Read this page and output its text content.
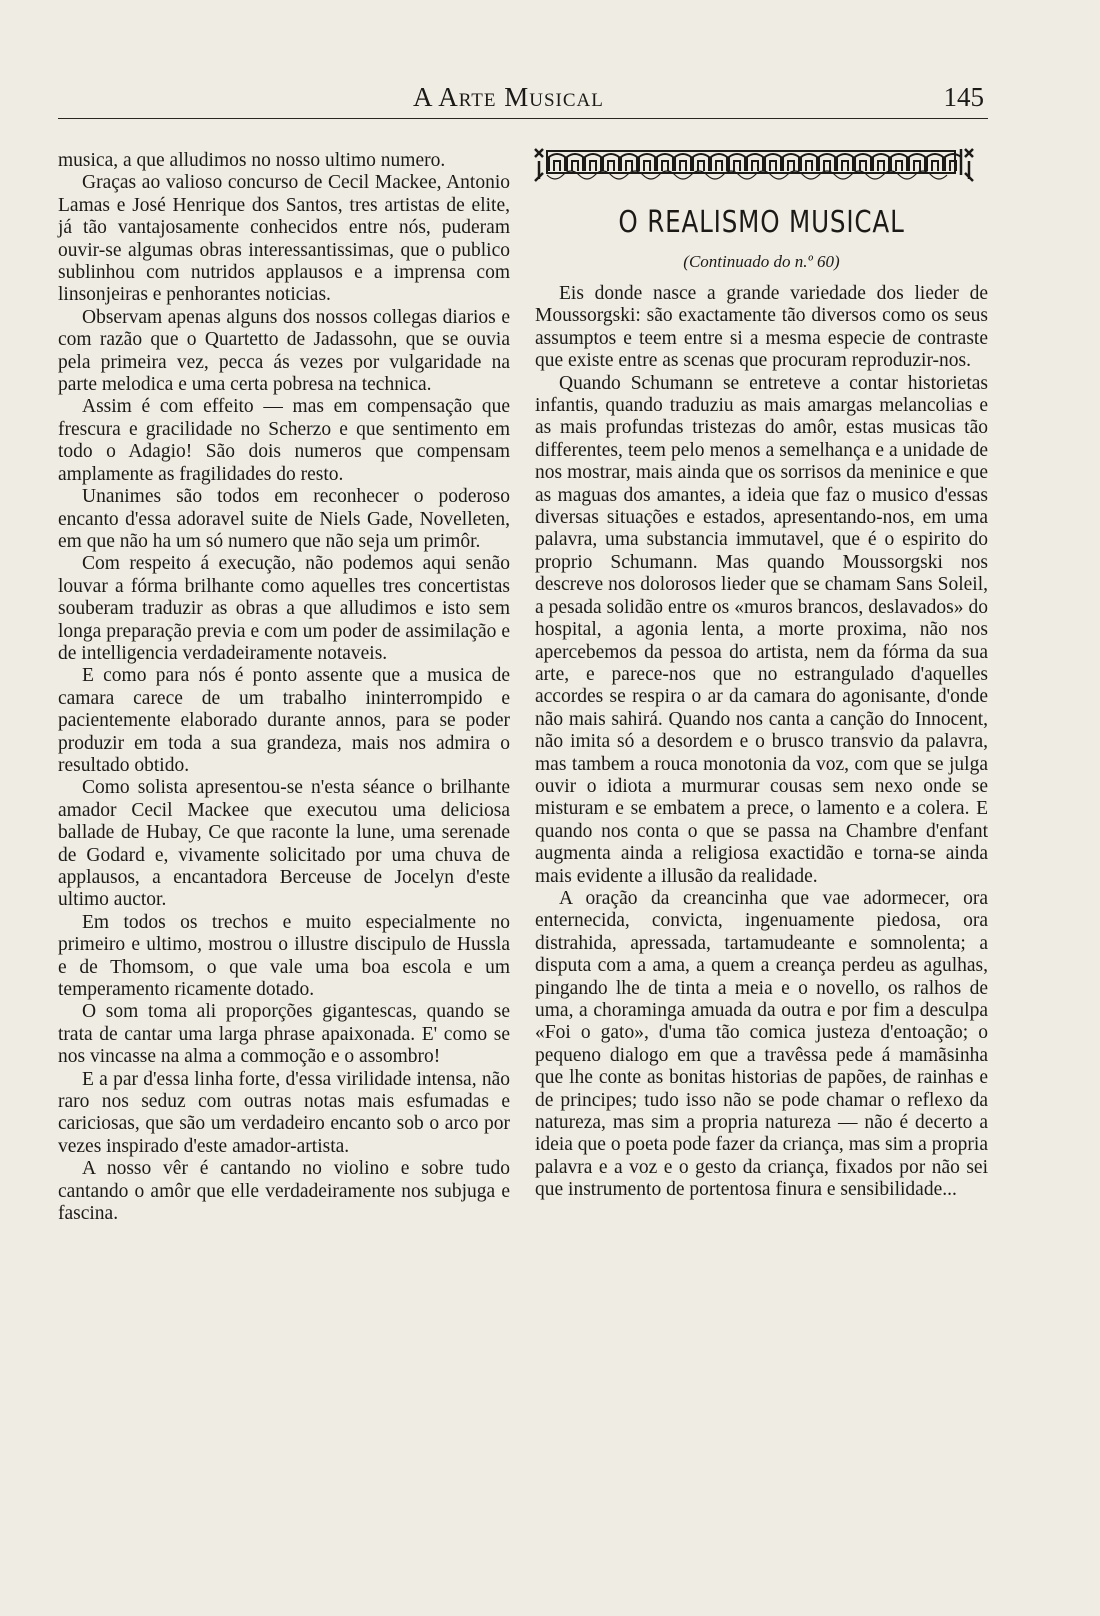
A Arte Musical	145

musica, a que alludimos no nosso ultimo numero.

Graças ao valioso concurso de Cecil Mackee, Antonio Lamas e José Henrique dos Santos, tres artistas de elite, já tão vantajosamente conhecidos entre nós, puderam ouvir-se algumas obras interessantissimas, que o publico sublinhou com nutridos applausos e a imprensa com linsonjeiras e penhorantes noticias.

Observam apenas alguns dos nossos collegas diarios e com razão que o Quartetto de Jadassohn, que se ouvia pela primeira vez, pecca ás vezes por vulgaridade na parte melodica e uma certa pobresa na technica.

Assim é com effeito — mas em compensação que frescura e gracilidade no Scherzo e que sentimento em todo o Adagio! São dois numeros que compensam amplamente as fragilidades do resto.

Unanimes são todos em reconhecer o poderoso encanto d'essa adoravel suite de Niels Gade, Novelleten, em que não ha um só numero que não seja um primôr.

Com respeito á execução, não podemos aqui senão louvar a fórma brilhante como aquelles tres concertistas souberam traduzir as obras a que alludimos e isto sem longa preparação previa e com um poder de assimilação e de intelligencia verdadeiramente notaveis.

E como para nós é ponto assente que a musica de camara carece de um trabalho ininterrompido e pacientemente elaborado durante annos, para se poder produzir em toda a sua grandeza, mais nos admira o resultado obtido.

Como solista apresentou-se n'esta séance o brilhante amador Cecil Mackee que executou uma deliciosa ballade de Hubay, Ce que raconte la lune, uma serenade de Godard e, vivamente solicitado por uma chuva de applausos, a encantadora Berceuse de Jocelyn d'este ultimo auctor.

Em todos os trechos e muito especialmente no primeiro e ultimo, mostrou o illustre discipulo de Hussla e de Thomsom, o que vale uma boa escola e um temperamento ricamente dotado.

O som toma ali proporções gigantescas, quando se trata de cantar uma larga phrase apaixonada. E' como se nos vincasse na alma a commoção e o assombro!

E a par d'essa linha forte, d'essa virilidade intensa, não raro nos seduz com outras notas mais esfumadas e cariciosas, que são um verdadeiro encanto sob o arco por vezes inspirado d'este amador-artista.

A nosso vêr é cantando no violino e sobre tudo cantando o amôr que elle verdadeiramente nos subjuga e fascina.

O REALISMO MUSICAL
(Continuado do n.º 60)

Eis donde nasce a grande variedade dos lieder de Moussorgski: são exactamente tão diversos como os seus assumptos e teem entre si a mesma especie de contraste que existe entre as scenas que procuram reproduzir-nos.

Quando Schumann se entreteve a contar historietas infantis, quando traduziu as mais amargas melancolias e as mais profundas tristezas do amôr, estas musicas tão differentes, teem pelo menos a semelhança e a unidade de nos mostrar, mais ainda que os sorrisos da meninice e que as maguas dos amantes, a ideia que faz o musico d'essas diversas situações e estados, apresentando-nos, em uma palavra, uma substancia immutavel, que é o espirito do proprio Schumann. Mas quando Moussorgski nos descreve nos dolorosos lieder que se chamam Sans Soleil, a pesada solidão entre os «muros brancos, deslavados» do hospital, a agonia lenta, a morte proxima, não nos apercebemos da pessoa do artista, nem da fórma da sua arte, e parece-nos que no estrangulado d'aquelles accordes se respira o ar da camara do agonisante, d'onde não mais sahirá. Quando nos canta a canção do Innocent, não imita só a desordem e o brusco transvio da palavra, mas tambem a rouca monotonia da voz, com que se julga ouvir o idiota a murmurar cousas sem nexo onde se misturam e se embatem a prece, o lamento e a colera. E quando nos conta o que se passa na Chambre d'enfant augmenta ainda a religiosa exactidão e torna-se ainda mais evidente a illusão da realidade.

A oração da creancinha que vae adormecer, ora enternecida, convicta, ingenuamente piedosa, ora distrahida, apressada, tartamudeante e somnolenta; a disputa com a ama, a quem a creança perdeu as agulhas, pingando lhe de tinta a meia e o novello, os ralhos de uma, a choraminga amuada da outra e por fim a desculpa «Foi o gato», d'uma tão comica justeza d'entoação; o pequeno dialogo em que a travêssa pede á mamãsinha que lhe conte as bonitas historias de papões, de rainhas e de principes; tudo isso não se pode chamar o reflexo da natureza, mas sim a propria natureza — não é decerto a ideia que o poeta pode fazer da criança, mas sim a propria palavra e a voz e o gesto da criança, fixados por não sei que instrumento de portentosa finura e sensibilidade...
